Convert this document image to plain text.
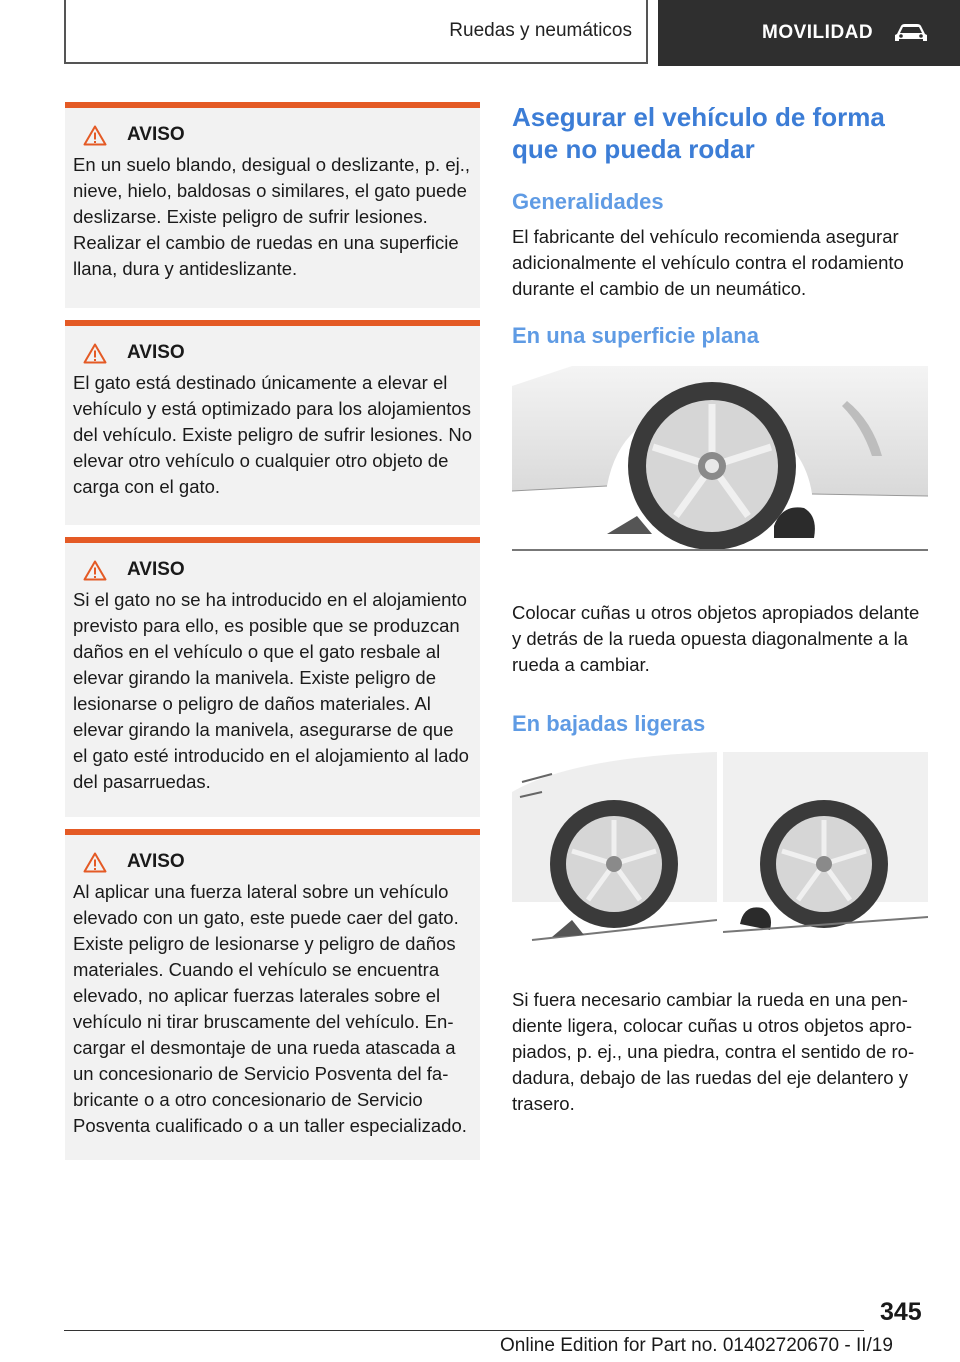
Ruedas y neumáticos	MOVILIDAD
AVISO
En un suelo blando, desigual o deslizante, p. ej., nieve, hielo, baldosas o similares, el gato puede deslizarse. Existe peligro de sufrir lesiones. Realizar el cambio de ruedas en una superficie llana, dura y antideslizante.
AVISO
El gato está destinado únicamente a elevar el vehículo y está optimizado para los alojamientos del vehículo. Existe peligro de sufrir lesiones. No elevar otro vehículo o cualquier otro objeto de carga con el gato.
AVISO
Si el gato no se ha introducido en el alojamiento previsto para ello, es posible que se produzcan daños en el vehículo o que el gato resbale al elevar girando la manivela. Existe peligro de lesionarse o peligro de daños materiales. Al elevar girando la manivela, asegurarse de que el gato esté introducido en el alojamiento al lado del pasarruedas.
AVISO
Al aplicar una fuerza lateral sobre un vehículo elevado con un gato, este puede caer del gato. Existe peligro de lesionarse y peligro de daños materiales. Cuando el vehículo se encuentra elevado, no aplicar fuerzas laterales sobre el vehículo ni tirar bruscamente del vehículo. Encargar el desmontaje de una rueda atascada a un concesionario de Servicio Posventa del fabricante o a otro concesionario de Servicio Posventa cualificado o a un taller especializado.
Asegurar el vehículo de forma que no pueda rodar
Generalidades
El fabricante del vehículo recomienda asegurar adicionalmente el vehículo contra el rodamiento durante el cambio de un neumático.
En una superficie plana
Colocar cuñas u otros objetos apropiados delante y detrás de la rueda opuesta diagonalmente a la rueda a cambiar.
En bajadas ligeras
Si fuera necesario cambiar la rueda en una pendiente ligera, colocar cuñas u otros objetos apropiados, p. ej., una piedra, contra el sentido de rodadura, debajo de las ruedas del eje delantero y trasero.
345
Online Edition for Part no. 01402720670 - II/19
